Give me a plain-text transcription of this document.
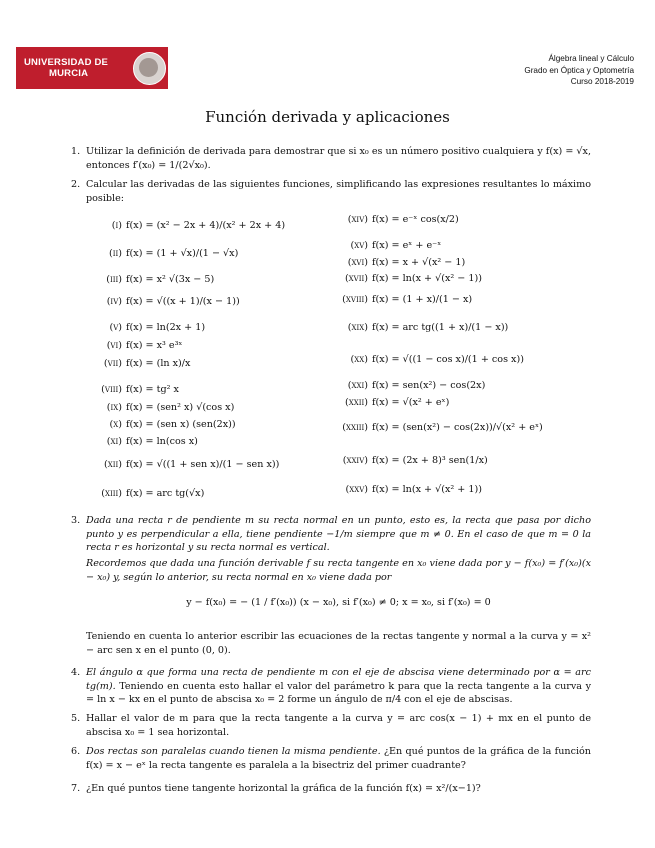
UNIVERSIDAD DE
MURCIA
Álgebra lineal y Cálculo
Grado en Óptica y Optometría
Curso 2018-2019
Función derivada y aplicaciones
1. Utilizar la definición de derivada para demostrar que si x₀ es un número positivo cualquiera y f(x) = √x, entonces f′(x₀) = 1/(2√x₀).
2. Calcular las derivadas de las siguientes funciones, simplificando las expresiones resultantes lo máximo posible:
(i) f(x) = (x² − 2x + 4)/(x² + 2x + 4)
(ii) f(x) = (1 + √x)/(1 − √x)
(iii) f(x) = x² √(3x − 5)
(iv) f(x) = √((x + 1)/(x − 1))
(v) f(x) = ln(2x + 1)
(vi) f(x) = x³ e³ˣ
(vii) f(x) = (ln x)/x
(viii) f(x) = tg² x
(ix) f(x) = (sen² x) √(cos x)
(x) f(x) = (sen x) (sen(2x))
(xi) f(x) = ln(cos x)
(xii) f(x) = √((1 + sen x)/(1 − sen x))
(xiii) f(x) = arc tg(√x)
(xiv) f(x) = e⁻ˣ cos(x/2)
(xv) f(x) = eˣ + e⁻ˣ
(xvi) f(x) = x + √(x² − 1)
(xvii) f(x) = ln(x + √(x² − 1))
(xviii) f(x) = (1 + x)/(1 − x)
(xix) f(x) = arc tg((1 + x)/(1 − x))
(xx) f(x) = √((1 − cos x)/(1 + cos x))
(xxi) f(x) = sen(x²) − cos(2x)
(xxii) f(x) = √(x² + eˣ)
(xxiii) f(x) = (sen(x²) − cos(2x))/√(x² + eˣ)
(xxiv) f(x) = (2x + 8)³ sen(1/x)
(xxv) f(x) = ln(x + √(x² + 1))
3. Dada una recta r de pendiente m su recta normal en un punto, esto es, la recta que pasa por dicho punto y es perpendicular a ella, tiene pendiente −1/m siempre que m ≠ 0. En el caso de que m = 0 la recta r es horizontal y su recta normal es vertical.
Recordemos que dada una función derivable f su recta tangente en x₀ viene dada por y − f(x₀) = f′(x₀)(x − x₀) y, según lo anterior, su recta normal en x₀ viene dada por
y − f(x₀) = − (1 / f′(x₀)) (x − x₀), si f′(x₀) ≠ 0; x = x₀, si f′(x₀) = 0
Teniendo en cuenta lo anterior escribir las ecuaciones de la rectas tangente y normal a la curva y = x² − arc sen x en el punto (0, 0).
4. El ángulo α que forma una recta de pendiente m con el eje de abscisa viene determinado por α = arc tg(m). Teniendo en cuenta esto hallar el valor del parámetro k para que la recta tangente a la curva y = ln x − kx en el punto de abscisa x₀ = 2 forme un ángulo de π/4 con el eje de abscisas.
5. Hallar el valor de m para que la recta tangente a la curva y = arc cos(x − 1) + mx en el punto de abscisa x₀ = 1 sea horizontal.
6. Dos rectas son paralelas cuando tienen la misma pendiente. ¿En qué puntos de la gráfica de la función f(x) = x − eˣ la recta tangente es paralela a la bisectriz del primer cuadrante?
7. ¿En qué puntos tiene tangente horizontal la gráfica de la función f(x) = x²/(x−1)?
